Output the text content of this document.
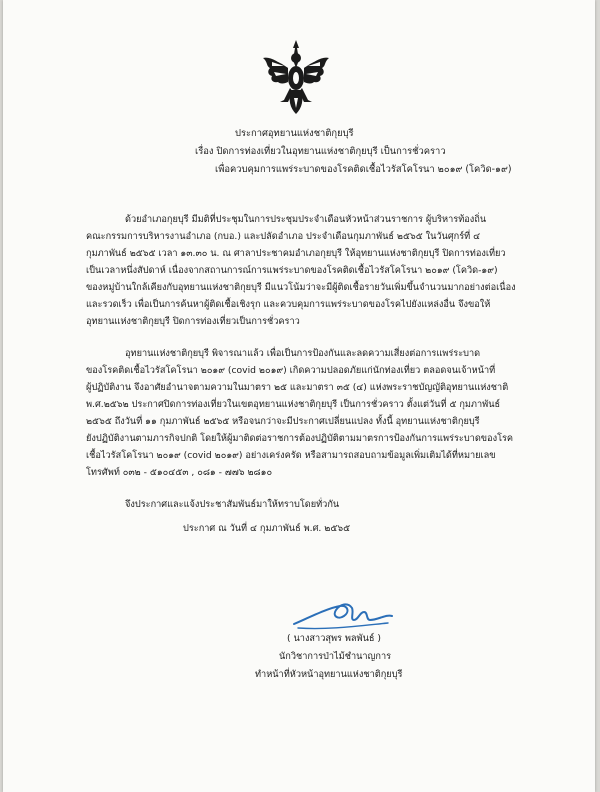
ประกาศอุทยานแห่งชาติกุยบุรี
เรื่อง ปิดการท่องเที่ยวในอุทยานแห่งชาติกุยบุรี เป็นการชั่วคราว
เพื่อควบคุมการแพร่ระบาดของโรคติดเชื้อไวรัสโคโรนา ๒๐๑๙ (โควิด-๑๙)
ด้วยอำเภอกุยบุรี มีมติที่ประชุมในการประชุมประจำเดือนหัวหน้าส่วนราชการ ผู้บริหารท้องถิ่น
คณะกรรมการบริหารงานอำเภอ (กบอ.) และปลัดอำเภอ ประจำเดือนกุมภาพันธ์ ๒๕๖๕ ในวันศุกร์ที่ ๔
กุมภาพันธ์ ๒๕๖๕ เวลา ๑๓.๓๐ น. ณ ศาลาประชาคมอำเภอกุยบุรี ให้อุทยานแห่งชาติกุยบุรี ปิดการท่องเที่ยว
เป็นเวลาหนึ่งสัปดาห์ เนื่องจากสถานการณ์การแพร่ระบาดของโรคติดเชื้อไวรัสโคโรนา ๒๐๑๙ (โควิด-๑๙)
ของหมู่บ้านใกล้เคียงกับอุทยานแห่งชาติกุยบุรี มีแนวโน้มว่าจะมีผู้ติดเชื้อรายวันเพิ่มขึ้นจำนวนมากอย่างต่อเนื่อง
และรวดเร็ว เพื่อเป็นการค้นหาผู้ติดเชื้อเชิงรุก และควบคุมการแพร่ระบาดของโรคไปยังแหล่งอื่น จึงขอให้
อุทยานแห่งชาติกุยบุรี ปิดการท่องเที่ยวเป็นการชั่วคราว
อุทยานแห่งชาติกุยบุรี พิจารณาแล้ว เพื่อเป็นการป้องกันและลดความเสี่ยงต่อการแพร่ระบาด
ของโรคติดเชื้อไวรัสโคโรนา ๒๐๑๙ (covid ๒๐๑๙) เกิดความปลอดภัยแก่นักท่องเที่ยว ตลอดจนเจ้าหน้าที่
ผู้ปฏิบัติงาน จึงอาศัยอำนาจตามความในมาตรา ๒๕ และมาตรา ๓๕ (๔) แห่งพระราชบัญญัติอุทยานแห่งชาติ
พ.ศ.๒๕๖๒ ประกาศปิดการท่องเที่ยวในเขตอุทยานแห่งชาติกุยบุรี เป็นการชั่วคราว ตั้งแต่วันที่ ๕ กุมภาพันธ์
๒๕๖๕ ถึงวันที่ ๑๑ กุมภาพันธ์ ๒๕๖๕ หรือจนกว่าจะมีประกาศเปลี่ยนแปลง ทั้งนี้ อุทยานแห่งชาติกุยบุรี
ยังปฏิบัติงานตามภารกิจปกติ โดยให้ผู้มาติดต่อราชการต้องปฏิบัติตามมาตรการป้องกันการแพร่ระบาดของโรค
เชื้อไวรัสโคโรนา ๒๐๑๙ (covid ๒๐๑๙) อย่างเคร่งครัด หรือสามารถสอบถามข้อมูลเพิ่มเติมได้ที่หมายเลข
โทรศัพท์ ๐๓๒ - ๕๑๐๔๕๓ , ๐๘๑ - ๗๗๖ ๒๘๑๐
จึงประกาศและแจ้งประชาสัมพันธ์มาให้ทราบโดยทั่วกัน
ประกาศ ณ วันที่ ๔ กุมภาพันธ์ พ.ศ. ๒๕๖๕
( นางสาวสุพร พลพันธ์ )
นักวิชาการป่าไม้ชำนาญการ
ทำหน้าที่หัวหน้าอุทยานแห่งชาติกุยบุรี
